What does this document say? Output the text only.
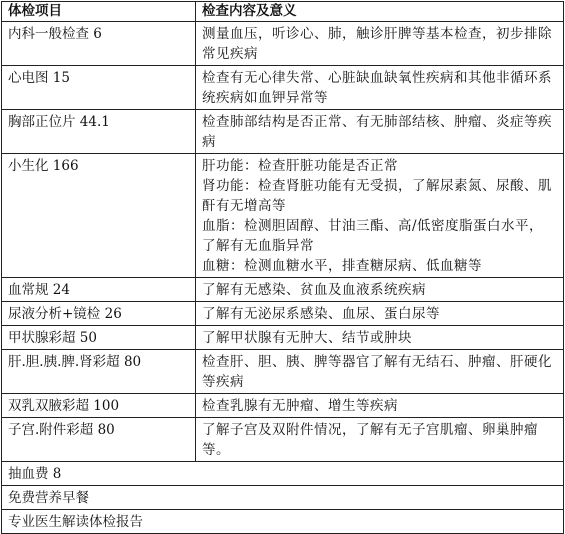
体检项目	检查内容及意义
内科一般检查 6	测量血压，听诊心、肺，触诊肝脾等基本检查，初步排除常见疾病

心电图 15	检查有无心律失常、心脏缺血缺氧性疾病和其他非循环系统疾病如血钾异常等

胸部正位片 44.1	检查肺部结构是否正常、有无肺部结核、肿瘤、炎症等疾病

小生化 166	肝功能：检查肝脏功能是否正常
肾功能：检查肾脏功能有无受损，了解尿素氮、尿酸、肌酐有无增高等
血脂：检测胆固醇、甘油三酯、高/低密度脂蛋白水平，了解有无血脂异常
血糖：检测血糖水平，排查糖尿病、低血糖等

血常规 24	了解有无感染、贫血及血液系统疾病

尿液分析+镜检 26	了解有无泌尿系感染、血尿、蛋白尿等

甲状腺彩超 50	了解甲状腺有无肿大、结节或肿块

肝.胆.胰.脾.肾彩超 80	检查肝、胆、胰、脾等器官了解有无结石、肿瘤、肝硬化等疾病

双乳双腋彩超 100	检查乳腺有无肿瘤、增生等疾病

子宫.附件彩超 80	了解子宫及双附件情况，了解有无子宫肌瘤、卵巢肿瘤等。

抽血费 8	
免费营养早餐	
专业医生解读体检报告	
